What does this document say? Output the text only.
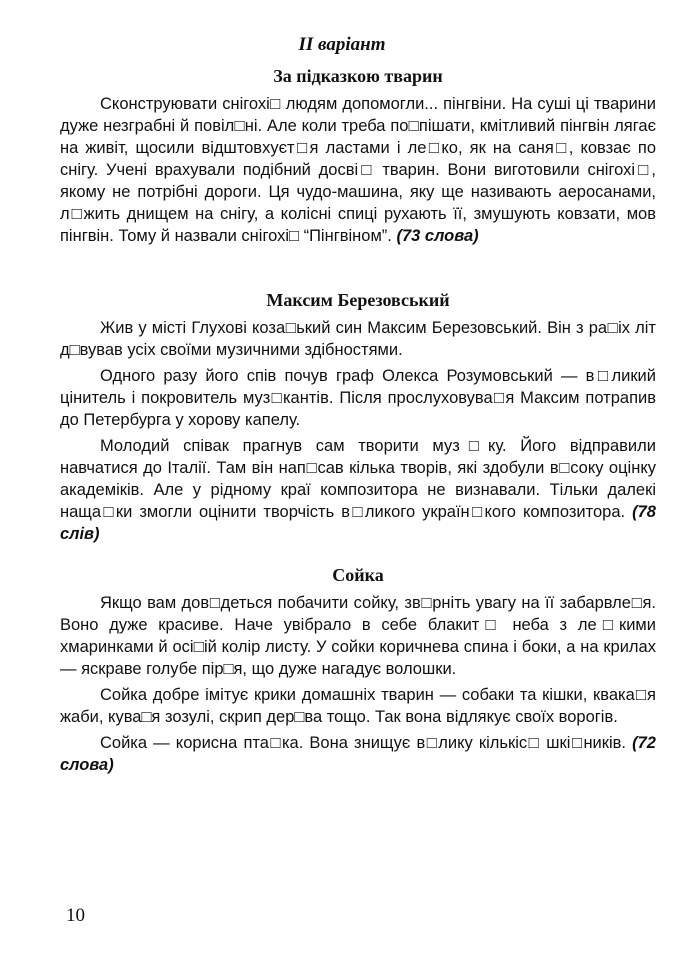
II варіант
За підказкою тварин

Сконструювати снігохі□ людям допомогли... пінгвіни. На суші ці тварини дуже незграбні й повіл□ні. Але коли треба по□пішати, кмітливий пінгвін лягає на живіт, щосили відштовхуєт□я ластами і ле□ко, як на саня□, ковзає по снігу. Учені врахували подібний досві□ тварин. Вони виготовили снігохі□, якому не потрібні дороги. Ця чудо-машина, яку ще називають аеросанами, л□жить днищем на снігу, а колісні спиці рухають її, змушують ковзати, мов пінгвін. Тому й назвали снігохі□ “Пінгвіном”. (73 слова)

Максим Березовський

Жив у місті Глухові коза□ький син Максим Березовський. Він з ра□іх літ д□вував усіх своїми музичними здібностями.

Одного разу його спів почув граф Олекса Розумовський — в□ликий цінитель і покровитель муз□кантів. Після прослуховува□я Максим потрапив до Петербурга у хорову капелу.

Молодий співак прагнув сам творити муз□ку. Його відправили навчатися до Італії. Там він нап□сав кілька творів, які здобули в□соку оцінку академіків. Але у рідному краї композитора не визнавали. Тільки далекі наща□ки змогли оцінити творчість в□ликого україн□кого композитора. (78 слів)

Сойка

Якщо вам дов□деться побачити сойку, зв□рніть увагу на її забарвле□я. Воно дуже красиве. Наче увібрало в себе блакит□ неба з ле□кими хмаринками й осі□ій колір листу. У сойки коричнева спина і боки, а на крилах — яскраве голубе пір□я, що дуже нагадує волошки.

Сойка добре імітує крики домашніх тварин — собаки та кішки, квака□я жаби, кува□я зозулі, скрип дер□ва тощо. Так вона відлякує своїх ворогів.

Сойка — корисна пта□ка. Вона знищує в□лику кількіс□ шкі□ників. (72 слова)

10
